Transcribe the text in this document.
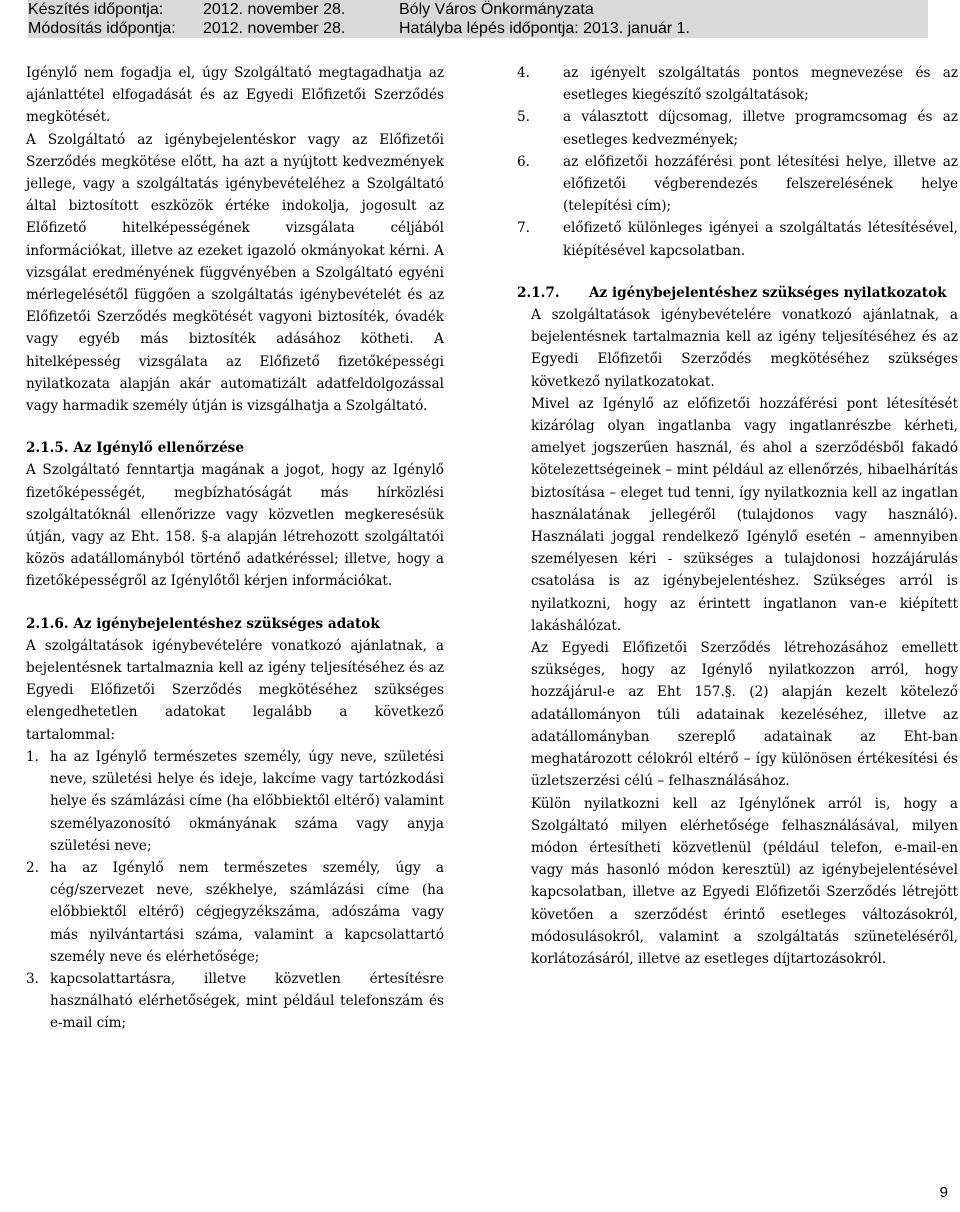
Készítés időpontja: 2012. november 28.	Bóly Város Önkormányzata
Módosítás időpontja: 2012. november 28.	Hatályba lépés időpontja: 2013. január 1.

Igénylő nem fogadja el, úgy Szolgáltató megtagadhatja az ajánlattétel elfogadását és az Egyedi Előfizetői Szerződés megkötését.

A Szolgáltató az igénybejelentéskor vagy az Előfizetői Szerződés megkötése előtt, ha azt a nyújtott kedvezmények jellege, vagy a szolgáltatás igénybevételéhez a Szolgáltató által biztosított eszközök értéke indokolja, jogosult az Előfizető hitelképességének vizsgálata céljából információkat, illetve az ezeket igazoló okmányokat kérni. A vizsgálat eredményének függvényében a Szolgáltató egyéni mérlegelésétől függően a szolgáltatás igénybevételét és az Előfizetői Szerződés megkötését vagyoni biztosíték, óvadék vagy egyéb más biztosíték adásához kötheti. A hitelképesség vizsgálata az Előfizető fizetőképességi nyilatkozata alapján akár automatizált adatfeldolgozással vagy harmadik személy útján is vizsgálhatja a Szolgáltató.

2.1.5. Az Igénylő ellenőrzése

A Szolgáltató fenntartja magának a jogot, hogy az Igénylő fizetőképességét, megbízhatóságát más hírközlési szolgáltatóknál ellenőrizze vagy közvetlen megkeresésük útján, vagy az Eht. 158. §-a alapján létrehozott szolgáltatói közös adatállományból történő adatkéréssel; illetve, hogy a fizetőképességről az Igénylőtől kérjen információkat.

2.1.6. Az igénybejelentéshez szükséges adatok

A szolgáltatások igénybevételére vonatkozó ajánlatnak, a bejelentésnek tartalmaznia kell az igény teljesítéséhez és az Egyedi Előfizetői Szerződés megkötéséhez szükséges elengedhetetlen adatokat legalább a következő tartalommal:

1. ha az Igénylő természetes személy, úgy neve, születési neve, születési helye és ideje, lakcíme vagy tartózkodási helye és számlázási címe (ha előbbiektől eltérő) valamint személyazonosító okmányának száma vagy anyja születési neve;
2. ha az Igénylő nem természetes személy, úgy a cég/szervezet neve, székhelye, számlázási címe (ha előbbiektől eltérő) cégjegyzékszáma, adószáma vagy más nyilvántartási száma, valamint a kapcsolattartó személy neve és elérhetősége;
3. kapcsolattartásra, illetve közvetlen értesítésre használható elérhetőségek, mint például telefonszám és e-mail cím;
4.	az igényelt szolgáltatás pontos megnevezése és az esetleges kiegészítő szolgáltatások;
5.	a választott díjcsomag, illetve programcsomag és az esetleges kedvezmények;
6.	az előfizetői hozzáférési pont létesítési helye, illetve az előfizetői végberendezés felszerelésének helye (telepítési cím);
7.	előfizető különleges igényei a szolgáltatás létesítésével, kiépítésével kapcsolatban.
2.1.7.	Az igénybejelentéshez szükséges nyilatkozatok

A szolgáltatások igénybevételére vonatkozó ajánlatnak, a bejelentésnek tartalmaznia kell az igény teljesítéséhez és az Egyedi Előfizetői Szerződés megkötéséhez szükséges következő nyilatkozatokat.

Mivel az Igénylő az előfizetői hozzáférési pont létesítését kizárólag olyan ingatlanba vagy ingatlanrészbe kérheti, amelyet jogszerűen használ, és ahol a szerződésből fakadó kötelezettségeinek – mint például az ellenőrzés, hibaelhárítás biztosítása – eleget tud tenni, így nyilatkoznia kell az ingatlan használatának jellegéről (tulajdonos vagy használó). Használati joggal rendelkező Igénylő esetén – amennyiben személyesen kéri - szükséges a tulajdonosi hozzájárulás csatolása is az igénybejelentéshez. Szükséges arról is nyilatkozni, hogy az érintett ingatlanon van-e kiépített lakáshálózat.

Az Egyedi Előfizetői Szerződés létrehozásához emellett szükséges, hogy az Igénylő nyilatkozzon arról, hogy hozzájárul-e az Eht 157.§. (2) alapján kezelt kötelező adatállományon túli adatainak kezeléséhez, illetve az adatállományban szereplő adatainak az Eht-ban meghatározott célokról eltérő – így különösen értékesítési és üzletszerzési célú – felhasználásához.

Külön nyilatkozni kell az Igénylőnek arról is, hogy a Szolgáltató milyen elérhetősége felhasználásával, milyen módon értesítheti közvetlenül (például telefon, e-mail-en vagy más hasonló módon keresztül) az igénybejelentésével kapcsolatban, illetve az Egyedi Előfizetői Szerződés létrejött követően a szerződést érintő esetleges változásokról, módosulásokról, valamint a szolgáltatás szüneteléséről, korlátozásáról, illetve az esetleges díjtartozásokról.

9
